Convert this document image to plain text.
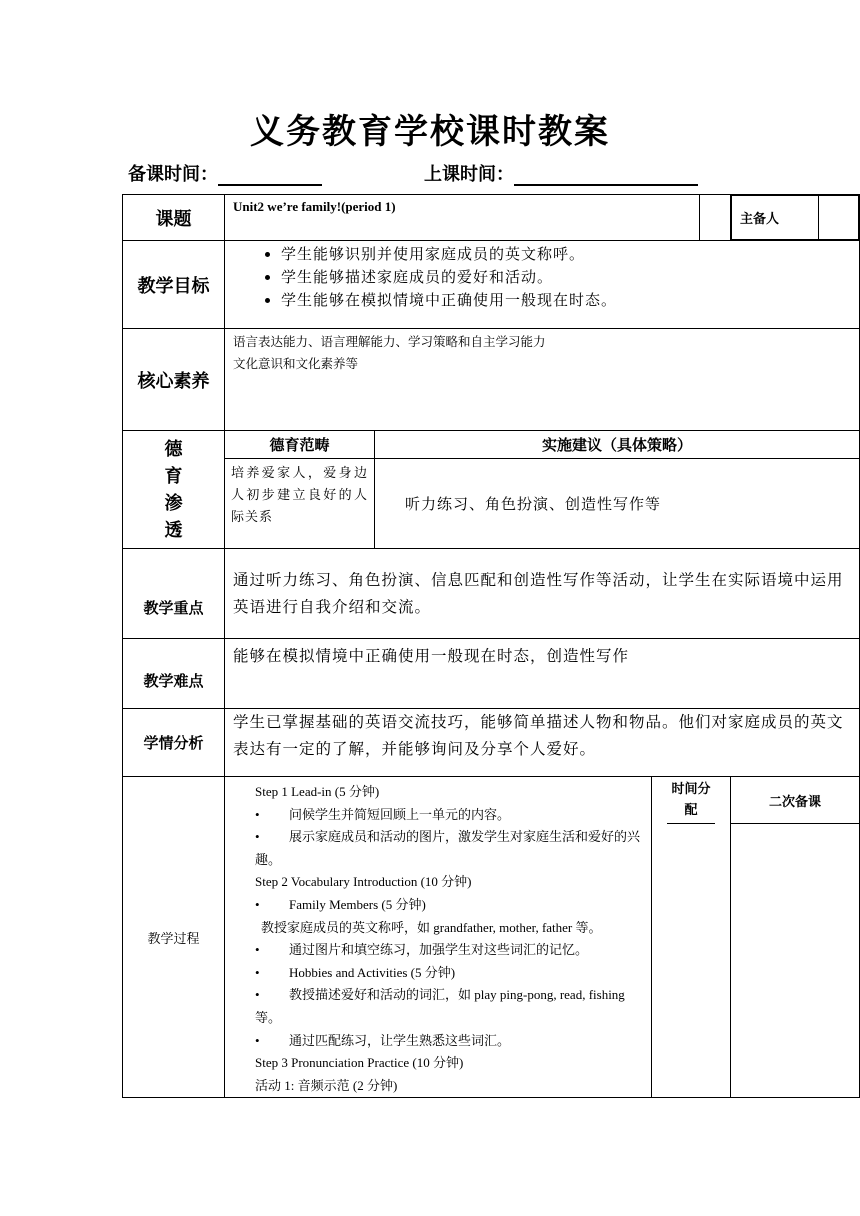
义务教育学校课时教案
备课时间：	上课时间：
课题	Unit2 we’re family!(period 1)		
主备人	

教学目标	
• 学生能够识别并使用家庭成员的英文称呼。
• 学生能够描述家庭成员的爱好和活动。
• 学生能够在模拟情境中正确使用一般现在时态。

核心素养	
语言表达能力、语言理解能力、学习策略和自主学习能力
文化意识和文化素养等

德
育
渗
透
	德育范畴	实施建议（具体策略）
培养爱家人，爱身边人初步建立良好的人际关系	听力练习、角色扮演、创造性写作等

教学重点
	通过听力练习、角色扮演、信息匹配和创造性写作等活动，让学生在实际语境中运用英语进行自我介绍和交流。

教学难点
	能够在模拟情境中正确使用一般现在时态，创造性写作
学情分析	学生已掌握基础的英语交流技巧，能够简单描述人物和物品。他们对家庭成员的英文表达有一定的了解，并能够询问及分享个人爱好。
教学过程	
Step 1 Lead-in (5 分钟)
• 问候学生并简短回顾上一单元的内容。
• 展示家庭成员和活动的图片，激发学生对家庭生活和爱好的兴趣。
Step 2 Vocabulary Introduction (10 分钟)
• Family Members (5 分钟)
教授家庭成员的英文称呼，如 grandfather, mother, father 等。
• 通过图片和填空练习，加强学生对这些词汇的记忆。
• Hobbies and Activities (5 分钟)
• 教授描述爱好和活动的词汇，如 play ping-pong, read, fishing 等。
• 通过匹配练习，让学生熟悉这些词汇。
Step 3 Pronunciation Practice (10 分钟)
活动 1: 音频示范 (2 分钟)

时间分配

二次备课
